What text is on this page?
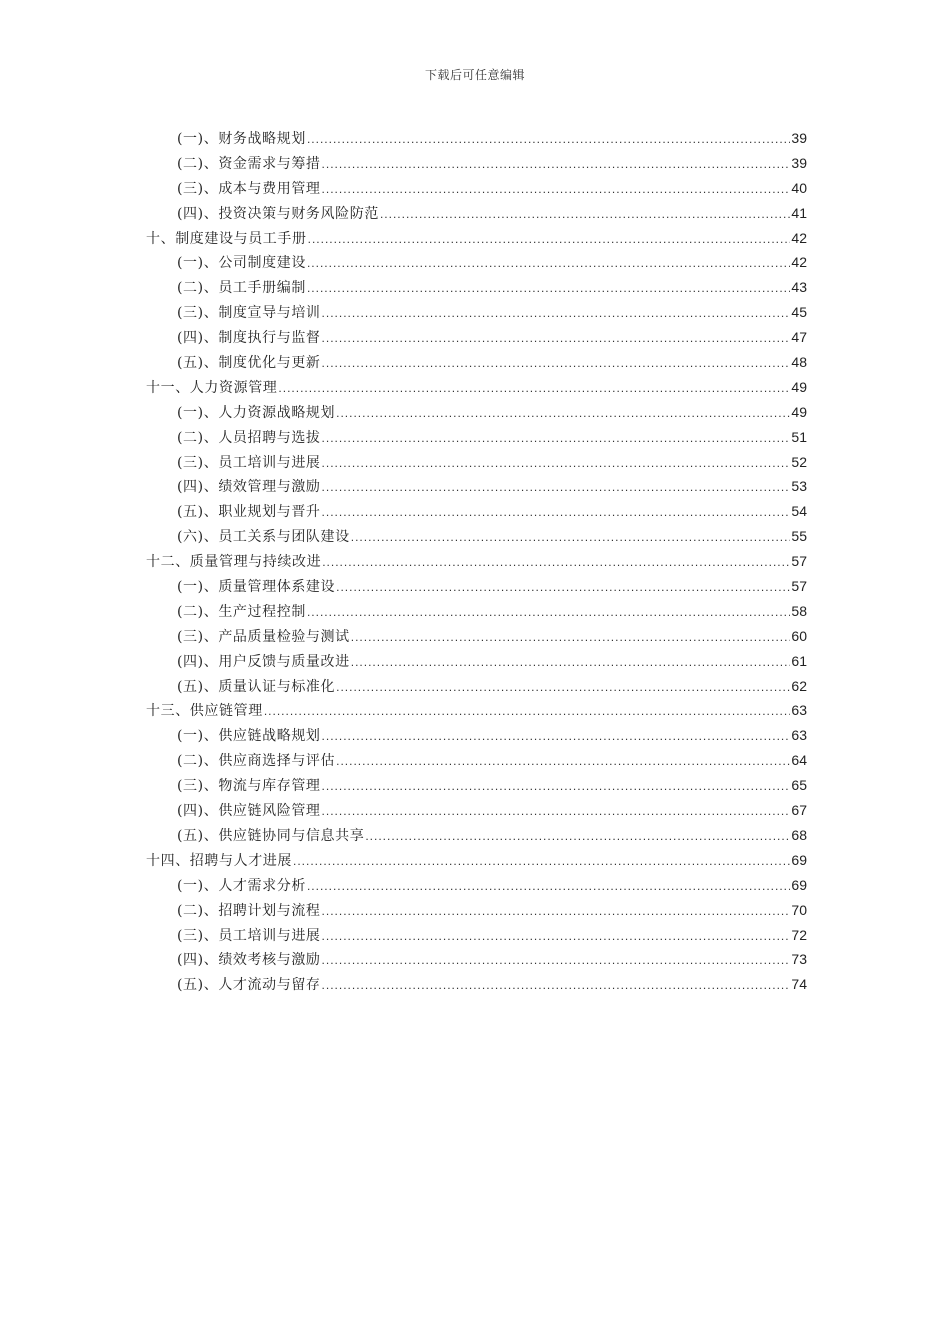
下载后可任意编辑
(一)、财务战略规划 .....	39
(二)、资金需求与筹措 .....	39
(三)、成本与费用管理 .....	40
(四)、投资决策与财务风险防范 .....	41
十、制度建设与员工手册 .....	42
(一)、公司制度建设 .....	42
(二)、员工手册编制 .....	43
(三)、制度宣导与培训 .....	45
(四)、制度执行与监督 .....	47
(五)、制度优化与更新 .....	48
十一、人力资源管理 .....	49
(一)、人力资源战略规划 .....	49
(二)、人员招聘与选拔 .....	51
(三)、员工培训与进展 .....	52
(四)、绩效管理与激励 .....	53
(五)、职业规划与晋升 .....	54
(六)、员工关系与团队建设 .....	55
十二、质量管理与持续改进 .....	57
(一)、质量管理体系建设 .....	57
(二)、生产过程控制 .....	58
(三)、产品质量检验与测试 .....	60
(四)、用户反馈与质量改进 .....	61
(五)、质量认证与标准化 .....	62
十三、供应链管理 .....	63
(一)、供应链战略规划 .....	63
(二)、供应商选择与评估 .....	64
(三)、物流与库存管理 .....	65
(四)、供应链风险管理 .....	67
(五)、供应链协同与信息共享 .....	68
十四、招聘与人才进展 .....	69
(一)、人才需求分析 .....	69
(二)、招聘计划与流程 .....	70
(三)、员工培训与进展 .....	72
(四)、绩效考核与激励 .....	73
(五)、人才流动与留存 .....	74
